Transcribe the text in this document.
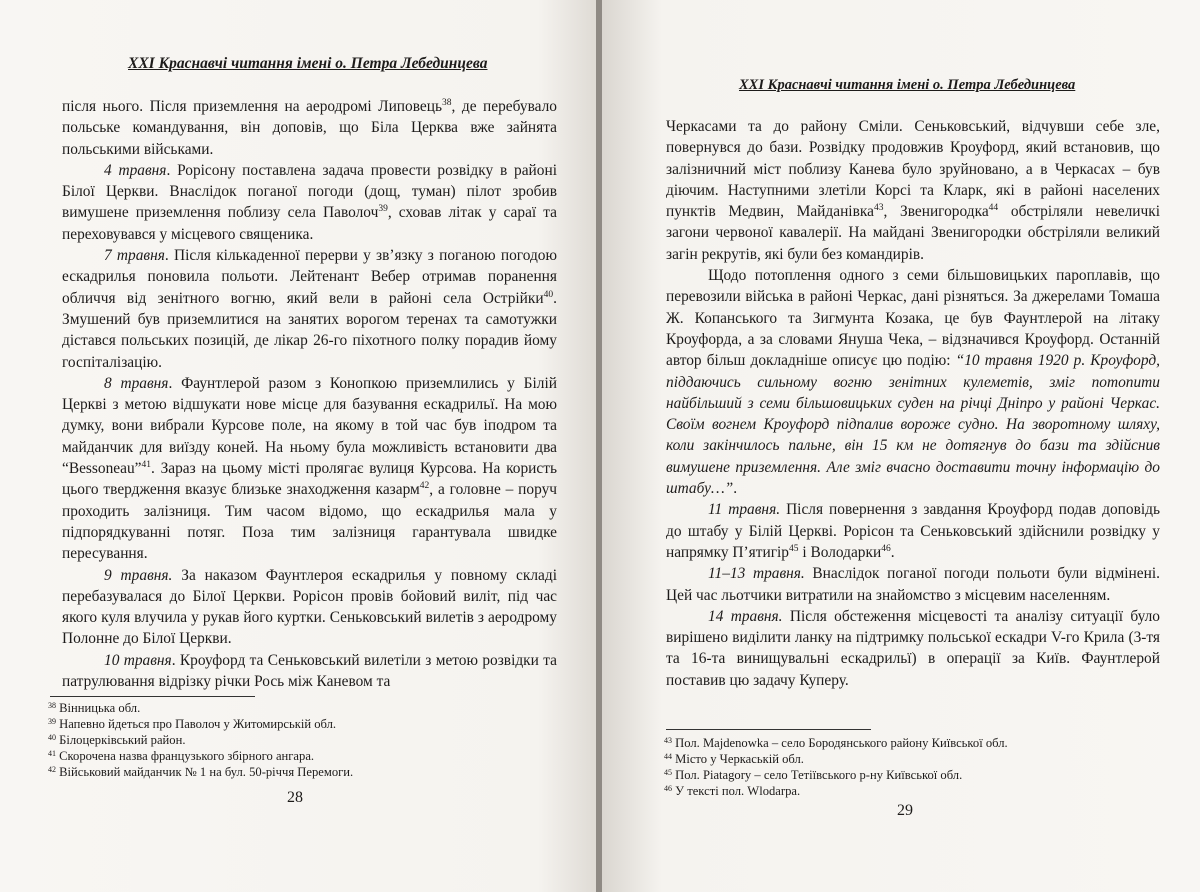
XXI Краснавчі читання імені о. Петра Лебединцева

після нього. Після приземлення на аеродромі Липовець$^{38}$, де перебувало польське командування, він доповів, що Біла Церква вже зайнята польськими військами.

4 травня. Рорісону поставлена задача провести розвідку в районі Білої Церкви. Внаслідок поганої погоди (дощ, туман) пілот зробив вимушене приземлення поблизу села Паволоч$^{39}$, сховав літак у сараї та переховувався у місцевого священика.

7 травня. Після кількаденної перерви у зв’язку з поганою погодою ескадрилья поновила польоти. Лейтенант Вебер отримав поранення обличчя від зенітного вогню, який вели в районі села Острійки$^{40}$. Змушений був приземлитися на занятих ворогом теренах та самотужки дістався польських позицій, де лікар 26-го піхотного полку порадив йому госпіталізацію.

8 травня. Фаунтлерой разом з Конопкою приземлились у Білій Церкві з метою відшукати нове місце для базування ескадрильї. На мою думку, вони вибрали Курсове поле, на якому в той час був іподром та майданчик для виїзду коней. На ньому була можливість встановити два “Bessoneau”$^{41}$. Зараз на цьому місті пролягає вулиця Курсова. На користь цього твердження вказує близьке знаходження казарм$^{42}$, а головне – поруч проходить залізниця. Тим часом відомо, що ескадрилья мала у підпорядкуванні потяг. Поза тим залізниця гарантувала швидке пересування.

9 травня. За наказом Фаунтлероя ескадрилья у повному складі перебазувалася до Білої Церкви. Рорісон провів бойовий виліт, під час якого куля влучила у рукав його куртки. Сеньковський вилетів з аеродрому Полонне до Білої Церкви.

10 травня. Кроуфорд та Сеньковський вилетіли з метою розвідки та патрулювання відрізку річки Рось між Каневом та

$^{38}$ Вінницька обл.
$^{39}$ Напевно йдеться про Паволоч у Житомирській обл.
$^{40}$ Білоцерківський район.
$^{41}$ Скорочена назва французького збірного ангара.
$^{42}$ Військовий майданчик № 1 на бул. 50-річчя Перемоги.
28
XXI Краснавчі читання імені о. Петра Лебединцева

Черкасами та до району Сміли. Сеньковський, відчувши себе зле, повернувся до бази. Розвідку продовжив Кроуфорд, який встановив, що залізничний міст поблизу Канева було зруйновано, а в Черкасах – був діючим. Наступними злетіли Корсі та Кларк, які в районі населених пунктів Медвин, Майданівка$^{43}$, Звенигородка$^{44}$ обстріляли невеличкі загони червоної кавалерії. На майдані Звенигородки обстріляли великий загін рекрутів, які були без командирів.

Щодо потоплення одного з семи більшовицьких пароплавів, що перевозили війська в районі Черкас, дані різняться. За джерелами Томаша Ж. Копанського та Зигмунта Козака, це був Фаунтлерой на літаку Кроуфорда, а за словами Януша Чека, – відзначився Кроуфорд. Останній автор більш докладніше описує цю подію: “10 травня 1920 р. Кроуфорд, піддаючись сильному вогню зенітних кулеметів, зміг потопити найбільший з семи більшовицьких суден на річці Дніпро у районі Черкас. Своїм вогнем Кроуфорд підпалив вороже судно. На зворотному шляху, коли закінчилось пальне, він 15 км не дотягнув до бази та здійснив вимушене приземлення. Але зміг вчасно доставити точну інформацію до штабу…”.

11 травня. Після повернення з завдання Кроуфорд подав доповідь до штабу у Білій Церкві. Рорісон та Сеньковський здійснили розвідку у напрямку П’ятигір$^{45}$ і Володарки$^{46}$.

11–13 травня. Внаслідок поганої погоди польоти були відмінені. Цей час льотчики витратили на знайомство з місцевим населенням.

14 травня. Після обстеження місцевості та аналізу ситуації було вирішено виділити ланку на підтримку польської ескадри V-го Крила (3-тя та 16-та винищувальні ескадрильї) в операції за Київ. Фаунтлерой поставив цю задачу Куперу.

$^{43}$ Пол. Majdenowka – село Бородянського району Київської обл.
$^{44}$ Місто у Черкаській обл.
$^{45}$ Пол. Piatagory – село Тетіївського р-ну Київської обл.
$^{46}$ У тексті пол. Wlodarpa.
29
